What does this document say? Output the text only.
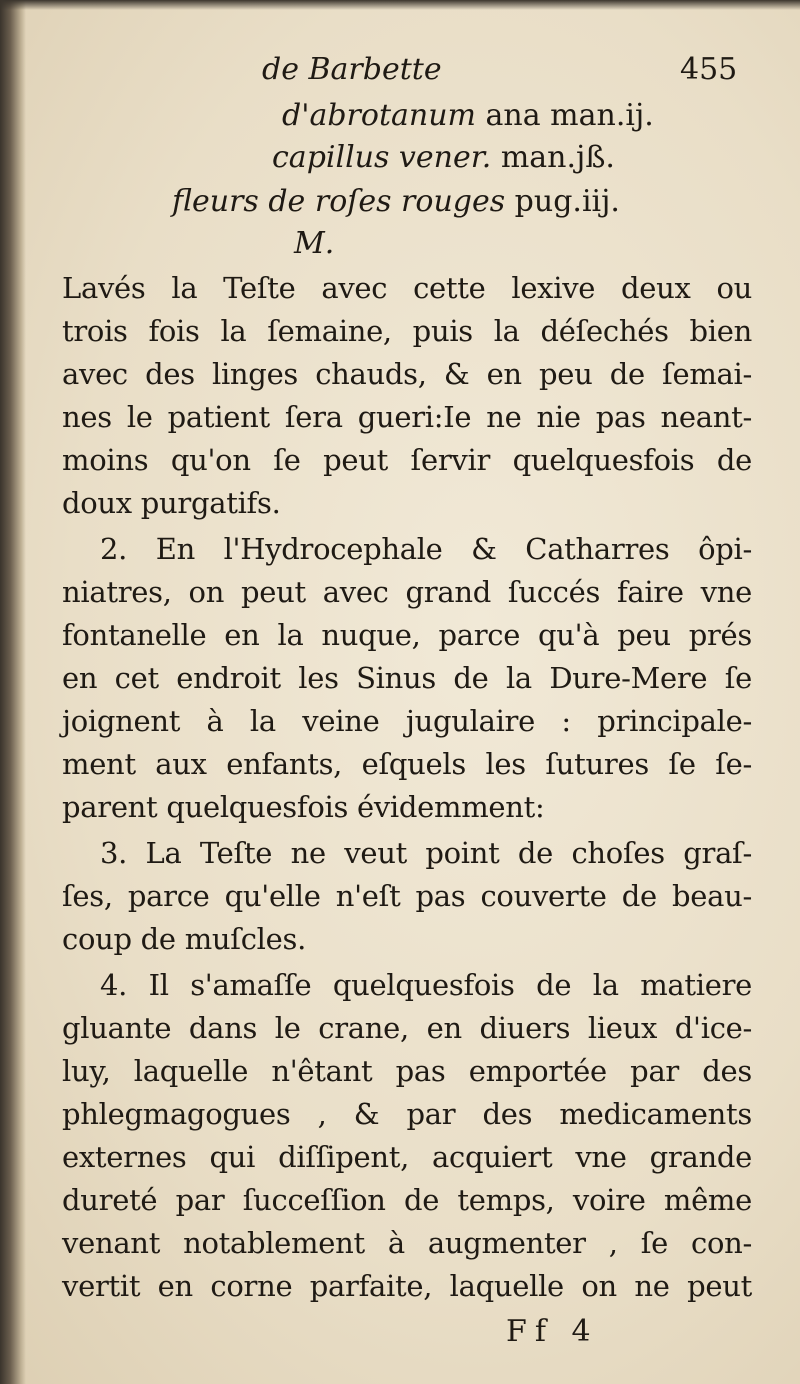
de Barbette	455
d'abrotanum ana man.ij.
capillus vener. man.jß.
fleurs de roſes rouges pug.iij.
M.
Lavés la Teſte avec cette lexive deux ou
trois fois la ſemaine, puis la déſechés bien
avec des linges chauds, & en peu de ſemai-
nes le patient ſera gueri:Ie ne nie pas neant-
moins qu'on ſe peut ſervir quelquesfois de
doux purgatifs.
2. En l'Hydrocephale & Catharres ôpi-
niatres, on peut avec grand ſuccés faire vne
fontanelle en la nuque, parce qu'à peu prés
en cet endroit les Sinus de la Dure-Mere ſe
joignent à la veine jugulaire : principale-
ment aux enfants, eſquels les ſutures ſe ſe-
parent quelquesfois évidemment:
3. La Teſte ne veut point de choſes graſ-
ſes, parce qu'elle n'eſt pas couverte de beau-
coup de muſcles.
4. Il s'amaſſe quelquesfois de la matiere
gluante dans le crane, en diuers lieux d'ice-
luy, laquelle n'êtant pas emportée par des
phlegmagogues , & par des medicaments
externes qui diſſipent, acquiert vne grande
dureté par ſucceſſion de temps, voire même
venant notablement à augmenter , ſe con-
vertit en corne parfaite, laquelle on ne peut
Ff 4
